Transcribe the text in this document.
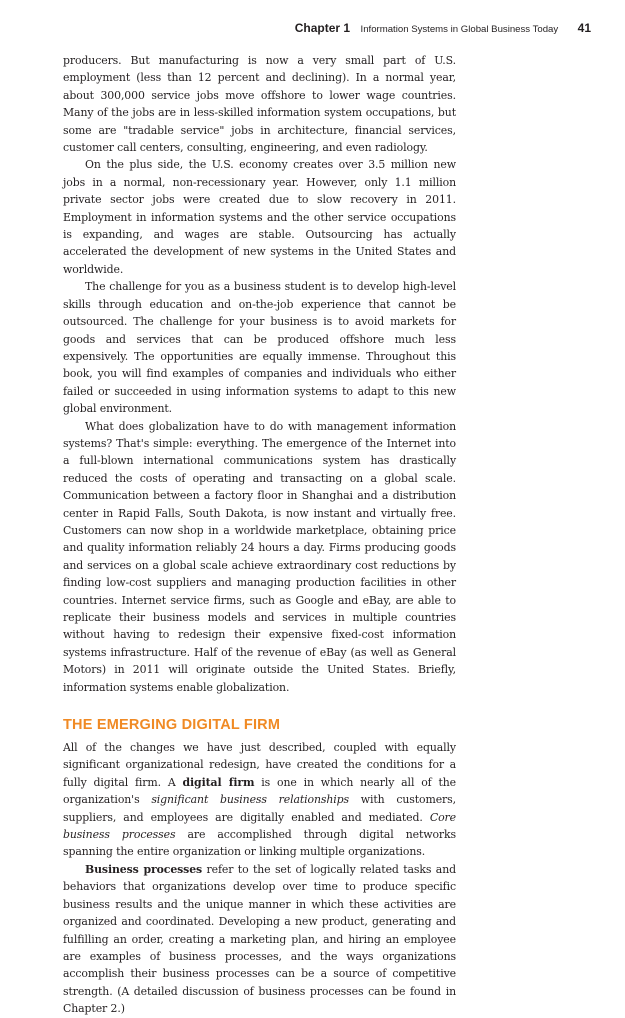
Chapter 1 Information Systems in Global Business Today 41

producers. But manufacturing is now a very small part of U.S. employment (less than 12 percent and declining). In a normal year, about 300,000 service jobs move offshore to lower wage countries. Many of the jobs are in less-skilled information system occupations, but some are "tradable service" jobs in architecture, financial services, customer call centers, consulting, engineering, and even radiology.

On the plus side, the U.S. economy creates over 3.5 million new jobs in a normal, non-recessionary year. However, only 1.1 million private sector jobs were created due to slow recovery in 2011. Employment in information systems and the other service occupations is expanding, and wages are stable. Outsourcing has actually accelerated the development of new systems in the United States and worldwide.

The challenge for you as a business student is to develop high-level skills through education and on-the-job experience that cannot be outsourced. The challenge for your business is to avoid markets for goods and services that can be produced offshore much less expensively. The opportunities are equally immense. Throughout this book, you will find examples of companies and individuals who either failed or succeeded in using information systems to adapt to this new global environment.

What does globalization have to do with management information systems? That's simple: everything. The emergence of the Internet into a full-blown international communications system has drastically reduced the costs of operating and transacting on a global scale. Communication between a factory floor in Shanghai and a distribution center in Rapid Falls, South Dakota, is now instant and virtually free. Customers can now shop in a worldwide marketplace, obtaining price and quality information reliably 24 hours a day. Firms producing goods and services on a global scale achieve extraordinary cost reductions by finding low-cost suppliers and managing production facilities in other countries. Internet service firms, such as Google and eBay, are able to replicate their business models and services in multiple countries without having to redesign their expensive fixed-cost information systems infrastructure. Half of the revenue of eBay (as well as General Motors) in 2011 will originate outside the United States. Briefly, information systems enable globalization.

THE EMERGING DIGITAL FIRM

All of the changes we have just described, coupled with equally significant organizational redesign, have created the conditions for a fully digital firm. A digital firm is one in which nearly all of the organization's significant business relationships with customers, suppliers, and employees are digitally enabled and mediated. Core business processes are accomplished through digital networks spanning the entire organization or linking multiple organizations.

Business processes refer to the set of logically related tasks and behaviors that organizations develop over time to produce specific business results and the unique manner in which these activities are organized and coordinated. Developing a new product, generating and fulfilling an order, creating a marketing plan, and hiring an employee are examples of business processes, and the ways organizations accomplish their business processes can be a source of competitive strength. (A detailed discussion of business processes can be found in Chapter 2.)
